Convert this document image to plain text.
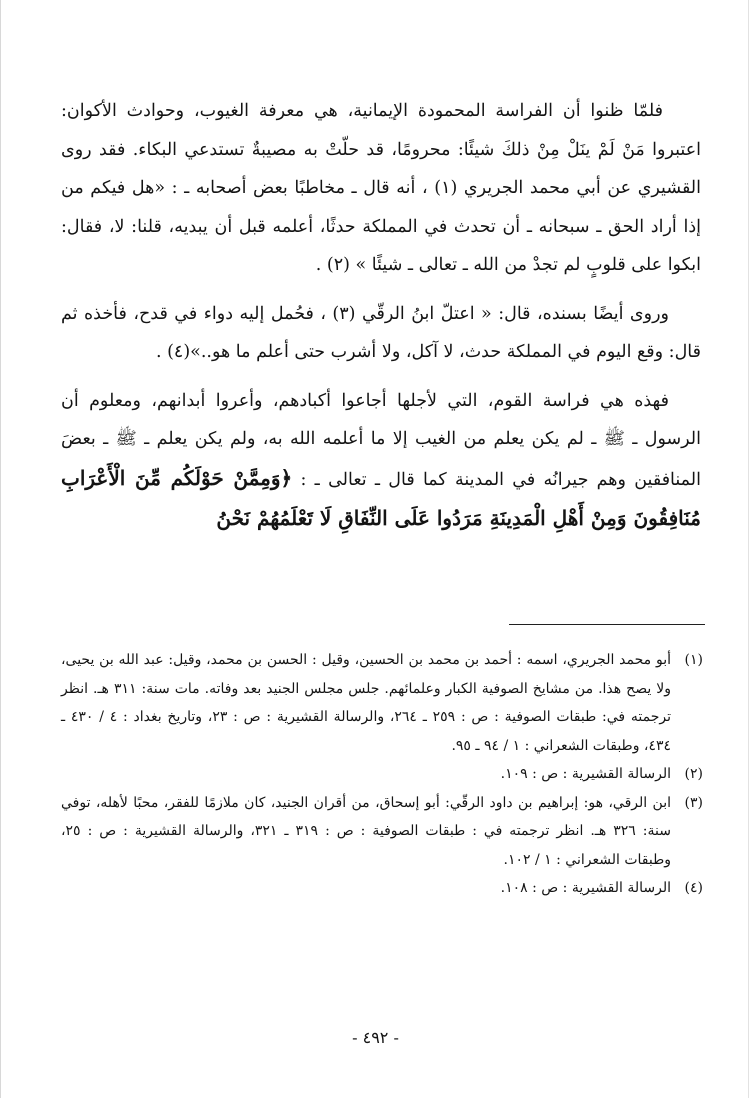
فلمّا ظنوا أن الفراسة المحمودة الإيمانية، هي معرفة الغيوب، وحوادث الأكوان: اعتبروا مَنْ لَمْ ينَلْ مِنْ ذلكَ شيئًا: محرومًا، قد حلّتْ به مصيبةٌ تستدعي البكاء. فقد روى القشيري عن أبي محمد الجريري (١) ، أنه قال ـ مخاطبًا بعض أصحابه ـ : «هل فيكم من إذا أراد الحق ـ سبحانه ـ أن تحدث في المملكة حدثًا، أعلمه قبل أن يبديه، قلنا: لا، فقال: ابكوا على قلوبٍ لم تجدْ من الله ـ تعالى ـ شيئًا » (٢) .

وروى أيضًا بسنده، قال: « اعتلّ ابنُ الرقّي (٣) ، فحُمل إليه دواء في قدح، فأخذه ثم قال: وقع اليوم في المملكة حدث، لا آكل، ولا أشرب حتى أعلم ما هو..»(٤) .

فهذه هي فراسة القوم، التي لأجلها أجاعوا أكبادهم، وأعروا أبدانهم، ومعلوم أن الرسول ـ ﷺ ـ لم يكن يعلم من الغيب إلا ما أعلمه الله به، ولم يكن يعلم ـ ﷺ ـ بعضَ المنافقين وهم جيرانُه في المدينة كما قال ـ تعالى ـ : ﴿وَمِمَّنْ حَوْلَكُم مِّنَ الْأَعْرَابِ مُنَافِقُونَ وَمِنْ أَهْلِ الْمَدِينَةِ مَرَدُوا عَلَى النِّفَاقِ لَا تَعْلَمُهُمْ نَحْنُ

(١)
أبو محمد الجريري، اسمه : أحمد بن محمد بن الحسين، وقيل : الحسن بن محمد، وقيل: عبد الله بن يحيى، ولا يصح هذا. من مشايخ الصوفية الكبار وعلمائهم. جلس مجلس الجنيد بعد وفاته. مات سنة: ٣١١ هـ. انظر ترجمته في: طبقات الصوفية : ص : ٢٥٩ ـ ٢٦٤، والرسالة القشيرية : ص : ٢٣، وتاريخ بغداد : ٤ / ٤٣٠ ـ ٤٣٤، وطبقات الشعراني : ١ / ٩٤ ـ ٩٥.
(٢)
الرسالة القشيرية : ص : ١٠٩.
(٣)
ابن الرقي، هو: إبراهيم بن داود الرقّي: أبو إسحاق، من أقران الجنيد، كان ملازمًا للفقر، محبًا لأهله، توفي سنة: ٣٢٦ هـ. انظر ترجمته في : طبقات الصوفية : ص : ٣١٩ ـ ٣٢١، والرسالة القشيرية : ص : ٢٥، وطبقات الشعراني : ١ / ١٠٢.
(٤)
الرسالة القشيرية : ص : ١٠٨.
- ٤٩٢ -
